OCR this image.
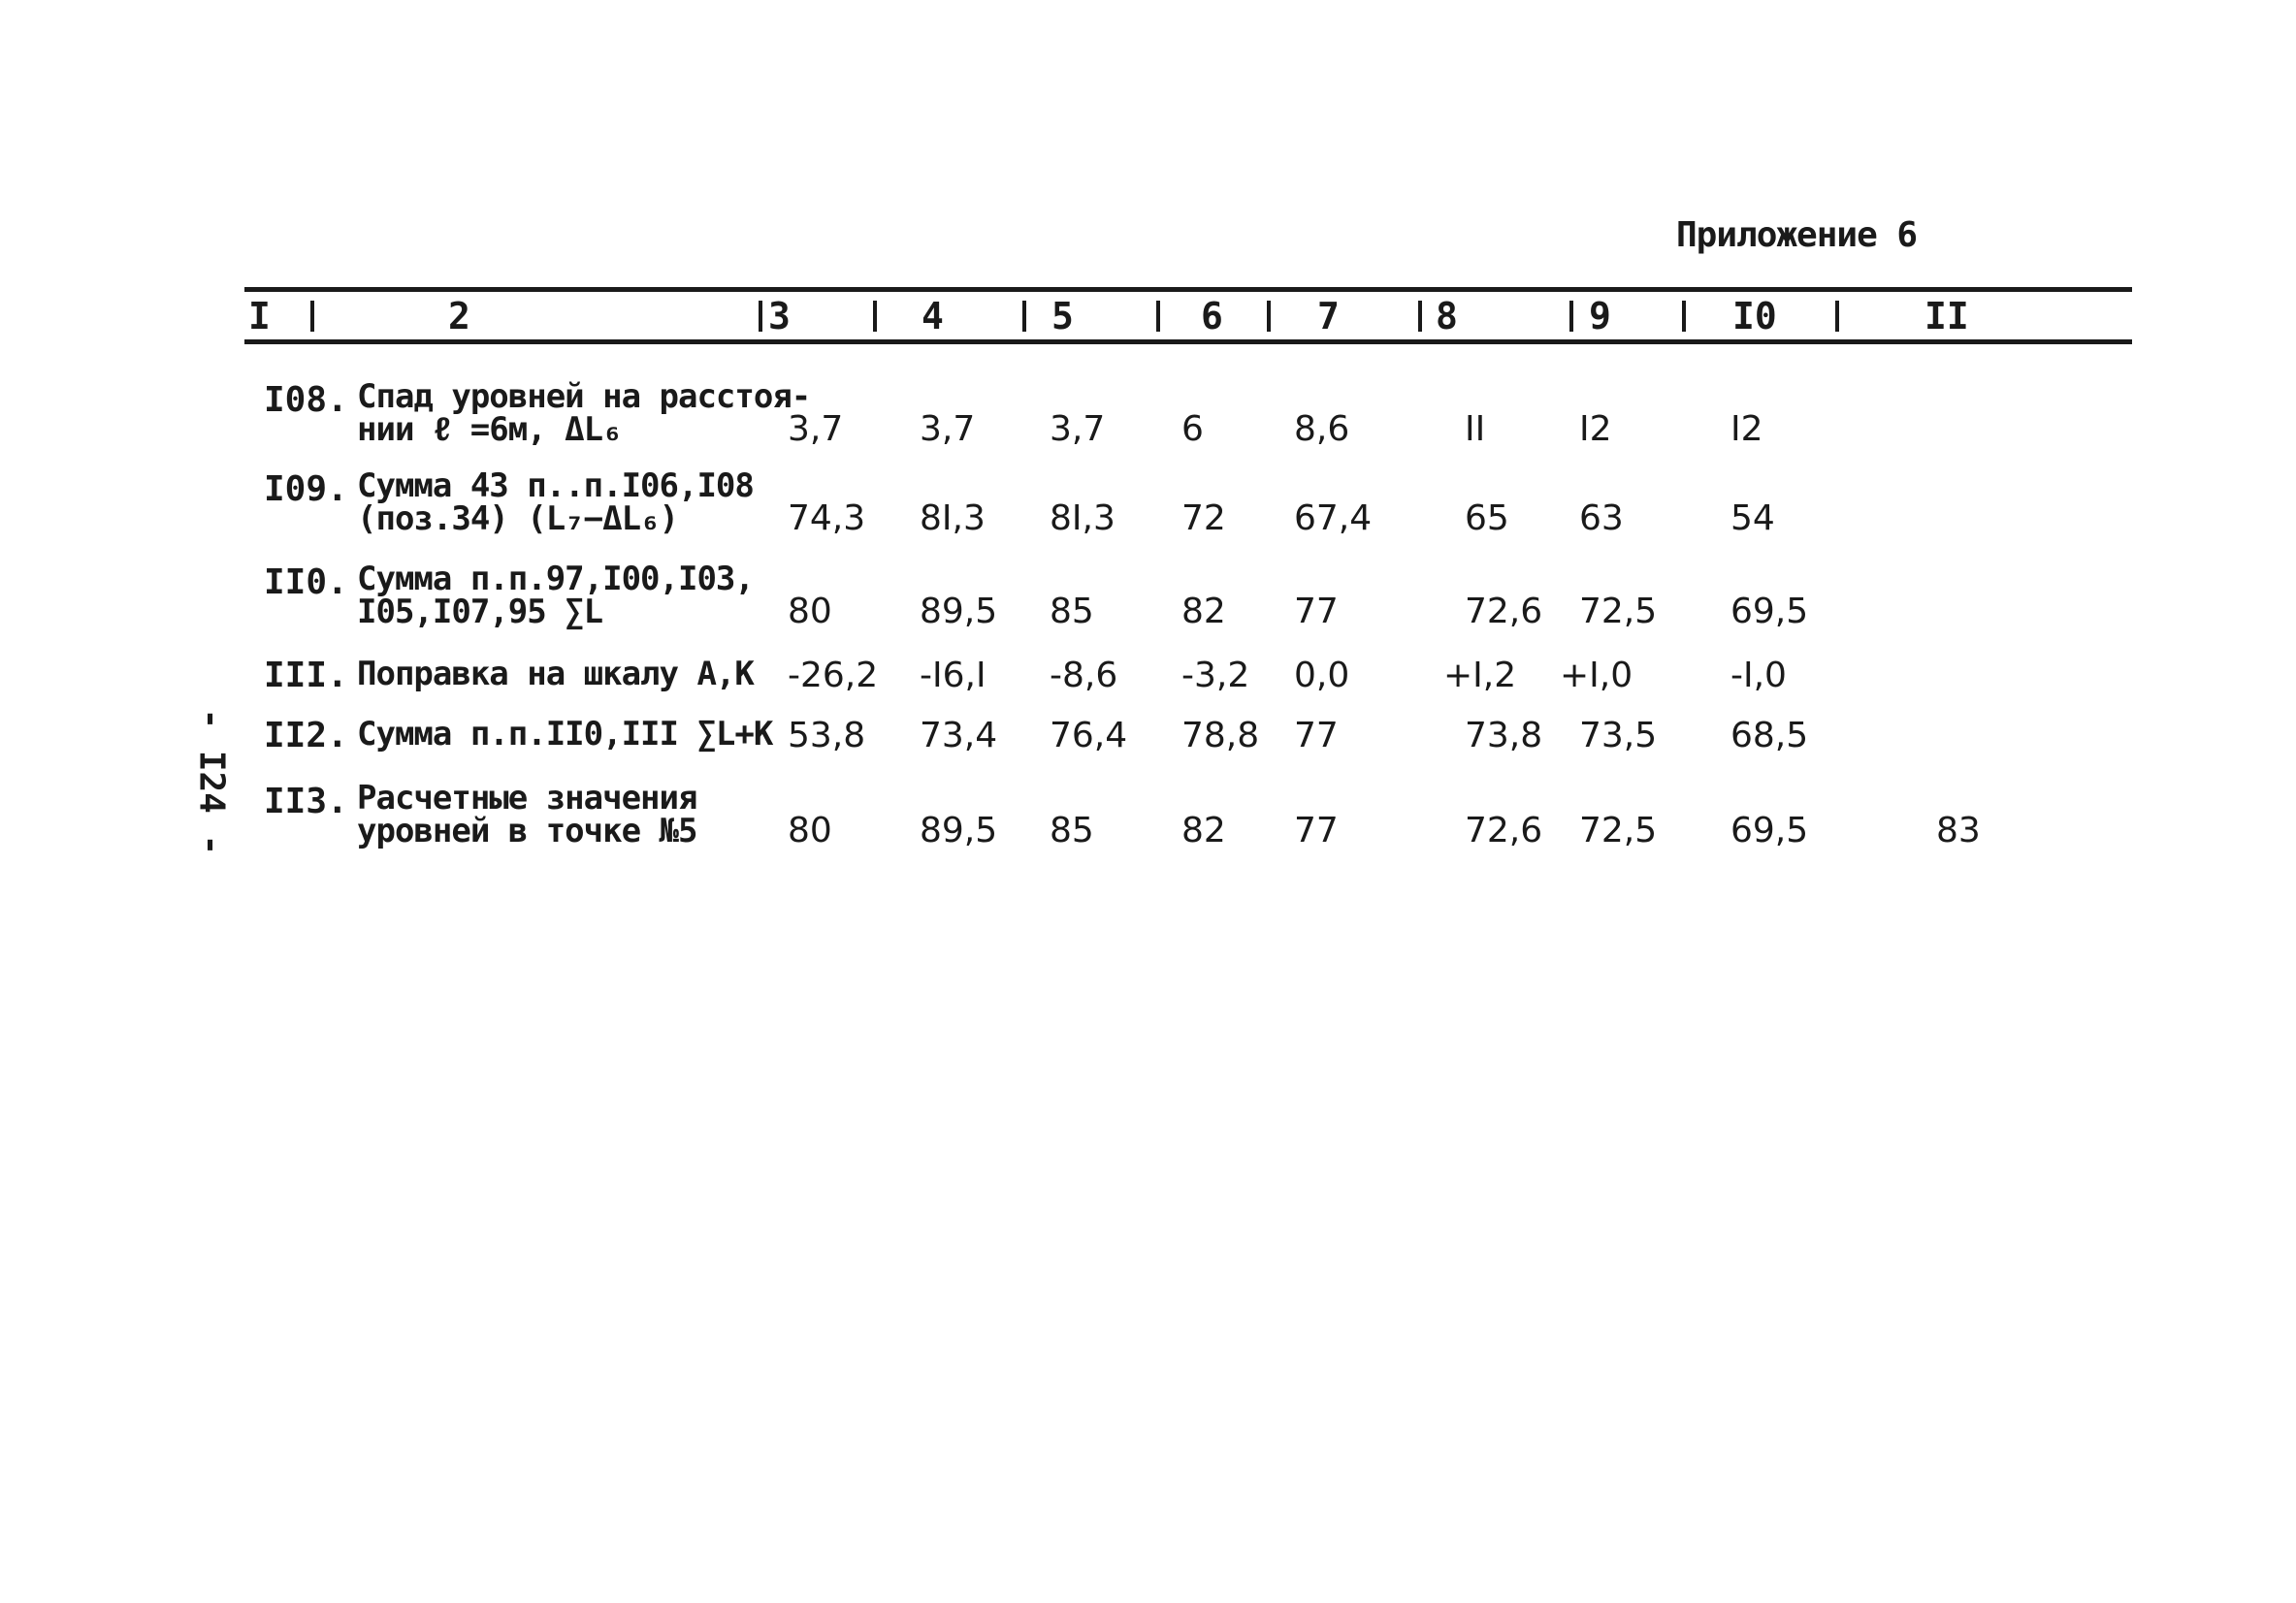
Приложение 6
- I24 -
I	2	3	4	5	6	7	8	9	I0	II
I08. Спад уровней на расстоя-
нии ℓ =6м, ΔL₆	3,7 3,7 3,7 6	8,6	II	I2	I2
I09. Сумма 43 п..п.I06,I08
(поз.34) (L₇−ΔL₆)	74,3 8I,3 8I,3 72 67,4	65 63	54
II0. Сумма п.п.97,I00,I03,
I05,I07,95 ∑L	80	89,5 85	82 77	72,6 72,5 69,5
III. Поправка на шкалу А,К -26,2 -I6,I -8,6 -3,2 0,0	+I,2 +I,0	-I,0
II2. Сумма п.п.II0,III ∑L+K 53,8 73,4 76,4 78,8 77	73,8 73,5 68,5
II3. Расчетные значения
уровней в точке №5	80	89,5 85	82 77	72,6 72,5 69,5	83
